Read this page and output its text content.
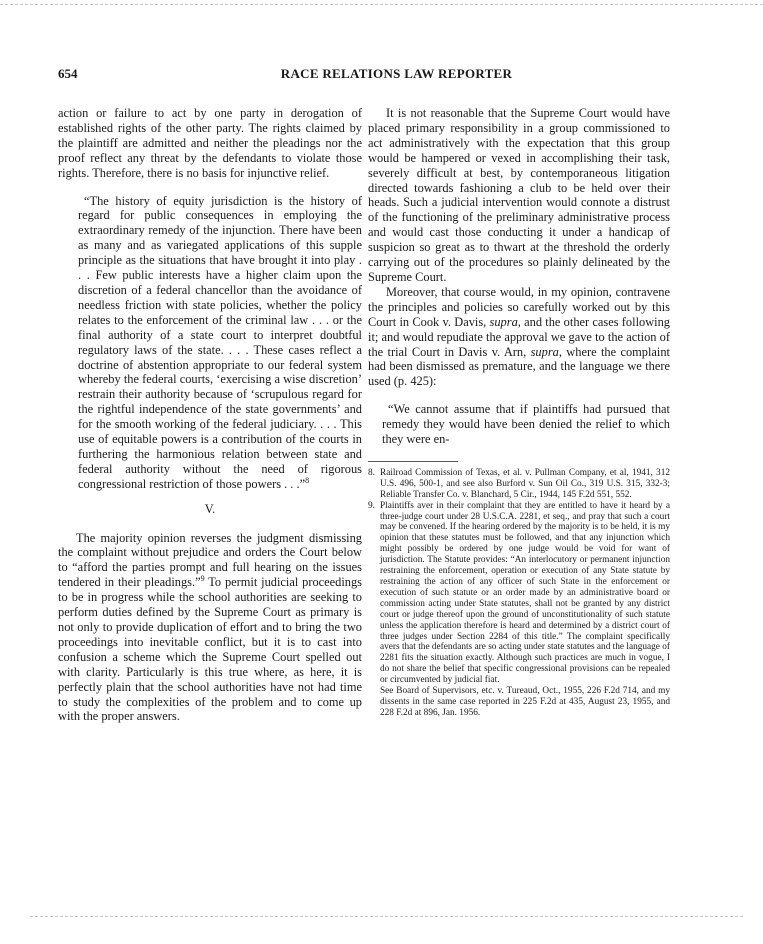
654	RACE RELATIONS LAW REPORTER

action or failure to act by one party in derogation of established rights of the other party. The rights claimed by the plaintiff are admitted and neither the pleadings nor the proof reflect any threat by the defendants to violate those rights. Therefore, there is no basis for injunctive relief.

“The history of equity jurisdiction is the history of regard for public consequences in employing the extraordinary remedy of the injunction. There have been as many and as variegated applications of this supple principle as the situations that have brought it into play . . . Few public interests have a higher claim upon the discretion of a federal chancellor than the avoidance of needless friction with state policies, whether the policy relates to the enforcement of the criminal law . . . or the final authority of a state court to interpret doubtful regulatory laws of the state. . . . These cases reflect a doctrine of abstention appropriate to our federal system whereby the federal courts, ‘exercising a wise discretion’ restrain their authority because of ‘scrupulous regard for the rightful independence of the state governments’ and for the smooth working of the federal judiciary. . . . This use of equitable powers is a contribution of the courts in furthering the harmonious relation between state and federal authority without the need of rigorous congressional restriction of those powers . . .”$^8$

V.

The majority opinion reverses the judgment dismissing the complaint without prejudice and orders the Court below to “afford the parties prompt and full hearing on the issues tendered in their pleadings.”$^9$ To permit judicial proceedings to be in progress while the school authorities are seeking to perform duties defined by the Supreme Court as primary is not only to provide duplication of effort and to bring the two proceedings into inevitable conflict, but it is to cast into confusion a scheme which the Supreme Court spelled out with clarity. Particularly is this true where, as here, it is perfectly plain that the school authorities have not had time to study the complexities of the problem and to come up with the proper answers.

It is not reasonable that the Supreme Court would have placed primary responsibility in a group commissioned to act administratively with the expectation that this group would be hampered or vexed in accomplishing their task, severely difficult at best, by contemporaneous litigation directed towards fashioning a club to be held over their heads. Such a judicial intervention would connote a distrust of the functioning of the preliminary administrative process and would cast those conducting it under a handicap of suspicion so great as to thwart at the threshold the orderly carrying out of the procedures so plainly delineated by the Supreme Court.

Moreover, that course would, in my opinion, contravene the principles and policies so carefully worked out by this Court in Cook v. Davis, supra, and the other cases following it; and would repudiate the approval we gave to the action of the trial Court in Davis v. Arn, supra, where the complaint had been dismissed as premature, and the language we there used (p. 425):

“We cannot assume that if plaintiffs had pursued that remedy they would have been denied the relief to which they were en-

8. Railroad Commission of Texas, et al. v. Pullman Company, et al, 1941, 312 U.S. 496, 500-1, and see also Burford v. Sun Oil Co., 319 U.S. 315, 332-3; Reliable Transfer Co. v. Blanchard, 5 Cir., 1944, 145 F.2d 551, 552.
9. Plaintiffs aver in their complaint that they are entitled to have it heard by a three-judge court under 28 U.S.C.A. 2281, et seq., and pray that such a court may be convened. If the hearing ordered by the majority is to be held, it is my opinion that these statutes must be followed, and that any injunction which might possibly be ordered by one judge would be void for want of jurisdiction. The Statute provides: “An interlocutory or permanent injunction restraining the enforcement, operation or execution of any State statute by restraining the action of any officer of such State in the enforcement or execution of such statute or an order made by an administrative board or commission acting under State statutes, shall not be granted by any district court or judge thereof upon the ground of unconstitutionality of such statute unless the application therefore is heard and determined by a district court of three judges under Section 2284 of this title.” The complaint specifically avers that the defendants are so acting under state statutes and the language of 2281 fits the situation exactly. Although such practices are much in vogue, I do not share the belief that specific congressional provisions can be repealed or circumvented by judicial fiat.
See Board of Supervisors, etc. v. Tureaud, Oct., 1955, 226 F.2d 714, and my dissents in the same case reported in 225 F.2d at 435, August 23, 1955, and 228 F.2d at 896, Jan. 1956.
